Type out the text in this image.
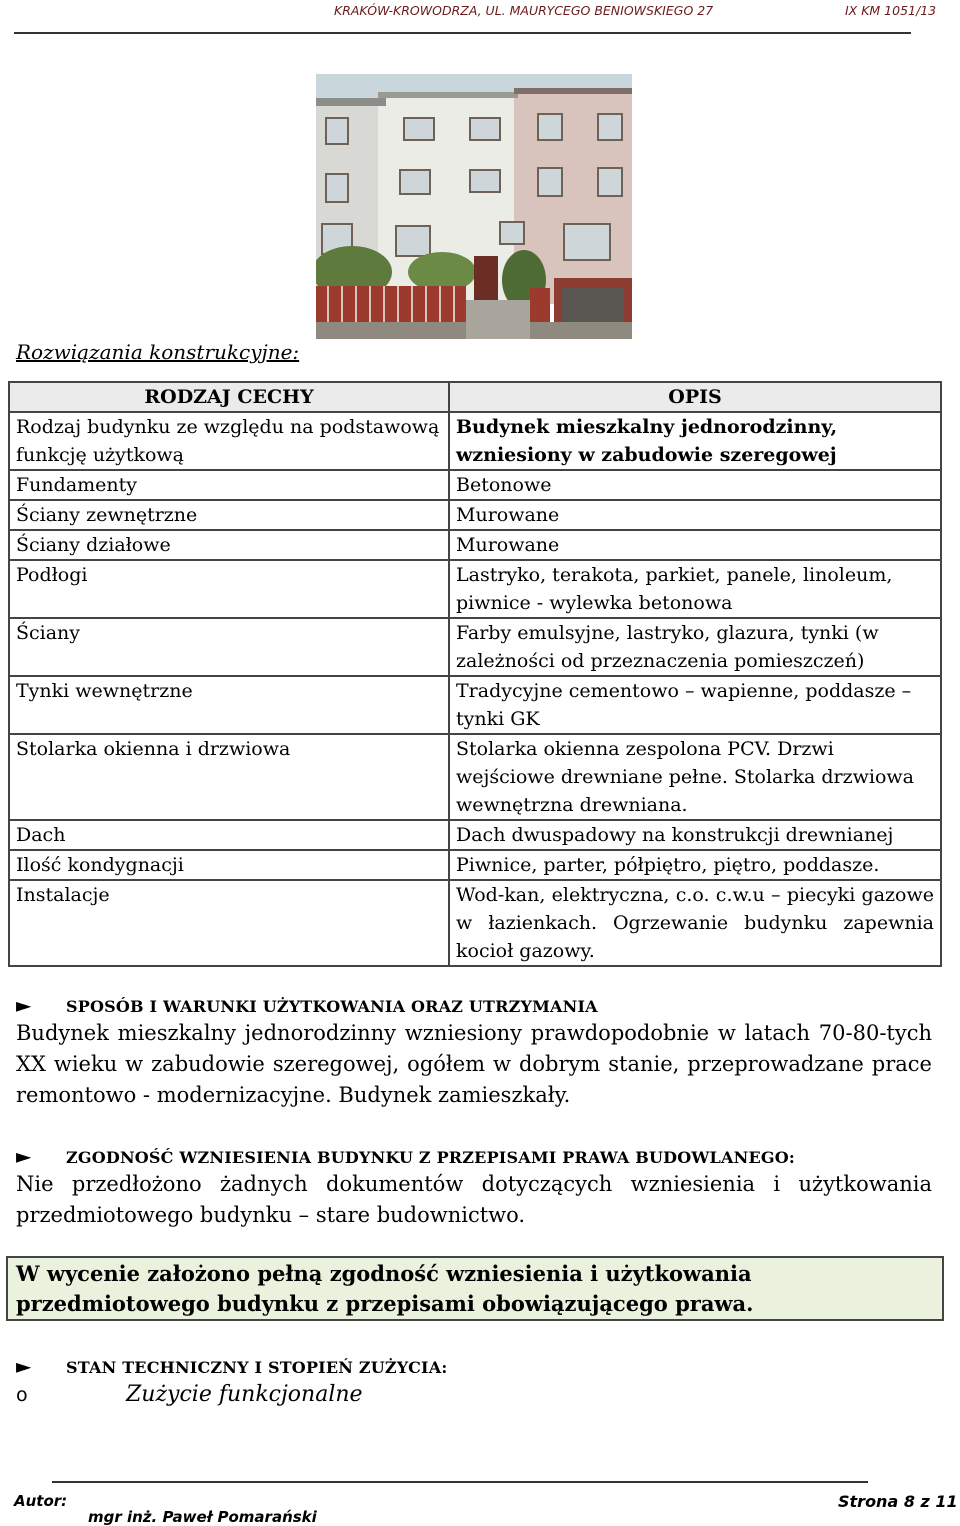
KRAKÓW-KROWODRZA, UL. MAURYCEGO BENIOWSKIEGO 27	IX KM 1051/13
Rozwiązania konstrukcyjne:
RODZAJ CECHY	OPIS
Rodzaj budynku ze względu na podstawową funkcję użytkową	Budynek mieszkalny jednorodzinny, wzniesiony w zabudowie szeregowej
Fundamenty	Betonowe
Ściany zewnętrzne	Murowane
Ściany działowe	Murowane
Podłogi	Lastryko, terakota, parkiet, panele, linoleum, piwnice - wylewka betonowa
Ściany	Farby emulsyjne, lastryko, glazura, tynki (w zależności od przeznaczenia pomieszczeń)
Tynki wewnętrzne	Tradycyjne cementowo – wapienne, poddasze – tynki GK
Stolarka okienna i drzwiowa	Stolarka okienna zespolona PCV. Drzwi wejściowe drewniane pełne. Stolarka drzwiowa wewnętrzna drewniana.
Dach	Dach dwuspadowy na konstrukcji drewnianej
Ilość kondygnacji	Piwnice, parter, półpiętro, piętro, poddasze.
Instalacje	Wod-kan, elektryczna, c.o. c.w.u – piecyki gazowe w łazienkach. Ogrzewanie budynku zapewnia kocioł gazowy.
► SPOSÓB I WARUNKI UŻYTKOWANIA ORAZ UTRZYMANIA
Budynek mieszkalny jednorodzinny wzniesiony prawdopodobnie w latach 70-80-tych XX wieku w zabudowie szeregowej, ogółem w dobrym stanie, przeprowadzane prace remontowo - modernizacyjne. Budynek zamieszkały.
► ZGODNOŚĆ WZNIESIENIA BUDYNKU Z PRZEPISAMI PRAWA BUDOWLANEGO:
Nie przedłożono żadnych dokumentów dotyczących wzniesienia i użytkowania przedmiotowego budynku – stare budownictwo.
W wycenie założono pełną zgodność wzniesienia i użytkowania przedmiotowego budynku z przepisami obowiązującego prawa.
► STAN TECHNICZNY I STOPIEŃ ZUŻYCIA:
o	Zużycie funkcjonalne
Autor:
mgr inż. Paweł Pomarański
Strona 8 z 11
